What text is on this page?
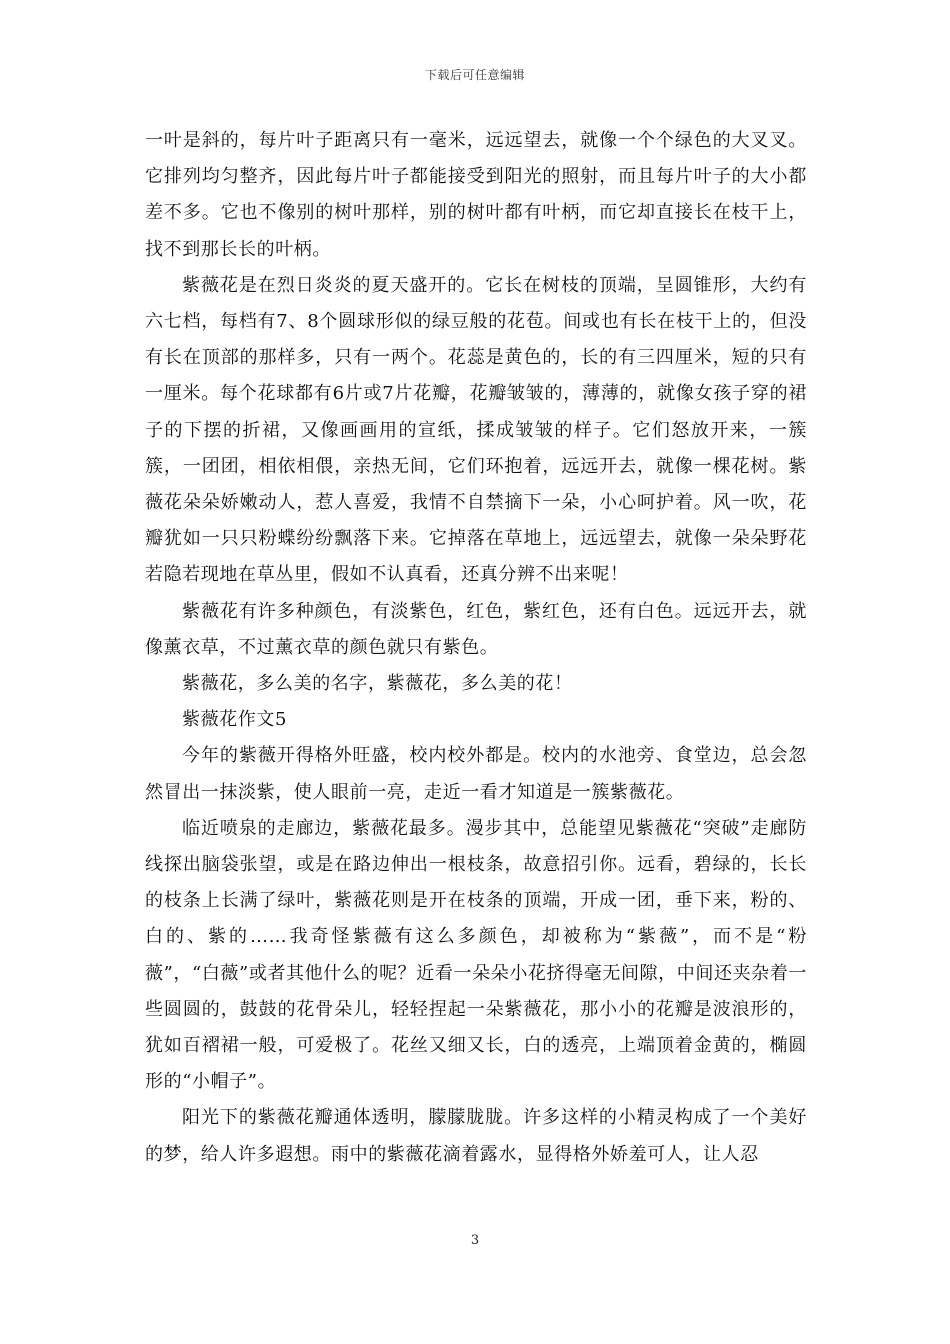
下载后可任意编辑

一叶是斜的，每片叶子距离只有一毫米，远远望去，就像一个个绿色的大叉叉。它排列均匀整齐，因此每片叶子都能接受到阳光的照射，而且每片叶子的大小都差不多。它也不像别的树叶那样，别的树叶都有叶柄，而它却直接长在枝干上，找不到那长长的叶柄。

紫薇花是在烈日炎炎的夏天盛开的。它长在树枝的顶端，呈圆锥形，大约有六七档，每档有7、8个圆球形似的绿豆般的花苞。间或也有长在枝干上的，但没有长在顶部的那样多，只有一两个。花蕊是黄色的，长的有三四厘米，短的只有一厘米。每个花球都有6片或7片花瓣，花瓣皱皱的，薄薄的，就像女孩子穿的裙子的下摆的折裙，又像画画用的宣纸，揉成皱皱的样子。它们怒放开来，一簇簇，一团团，相依相偎，亲热无间，它们环抱着，远远开去，就像一棵花树。紫薇花朵朵娇嫩动人，惹人喜爱，我情不自禁摘下一朵，小心呵护着。风一吹，花瓣犹如一只只粉蝶纷纷飘落下来。它掉落在草地上，远远望去，就像一朵朵野花若隐若现地在草丛里，假如不认真看，还真分辨不出来呢！

紫薇花有许多种颜色，有淡紫色，红色，紫红色，还有白色。远远开去，就像薰衣草，不过薰衣草的颜色就只有紫色。

紫薇花，多么美的名字，紫薇花，多么美的花！

紫薇花作文5

今年的紫薇开得格外旺盛，校内校外都是。校内的水池旁、食堂边，总会忽然冒出一抹淡紫，使人眼前一亮，走近一看才知道是一簇紫薇花。

临近喷泉的走廊边，紫薇花最多。漫步其中，总能望见紫薇花“突破”走廊防线探出脑袋张望，或是在路边伸出一根枝条，故意招引你。远看，碧绿的，长长的枝条上长满了绿叶，紫薇花则是开在枝条的顶端，开成一团，垂下来，粉的、白的、紫的……我奇怪紫薇有这么多颜色，却被称为“紫薇”，而不是“粉薇”，“白薇”或者其他什么的呢？近看一朵朵小花挤得毫无间隙，中间还夹杂着一些圆圆的，鼓鼓的花骨朵儿，轻轻捏起一朵紫薇花，那小小的花瓣是波浪形的，犹如百褶裙一般，可爱极了。花丝又细又长，白的透亮，上端顶着金黄的，椭圆形的“小帽子”。

阳光下的紫薇花瓣通体透明，朦朦胧胧。许多这样的小精灵构成了一个美好的梦，给人许多遐想。雨中的紫薇花滴着露水，显得格外娇羞可人，让人忍

3
